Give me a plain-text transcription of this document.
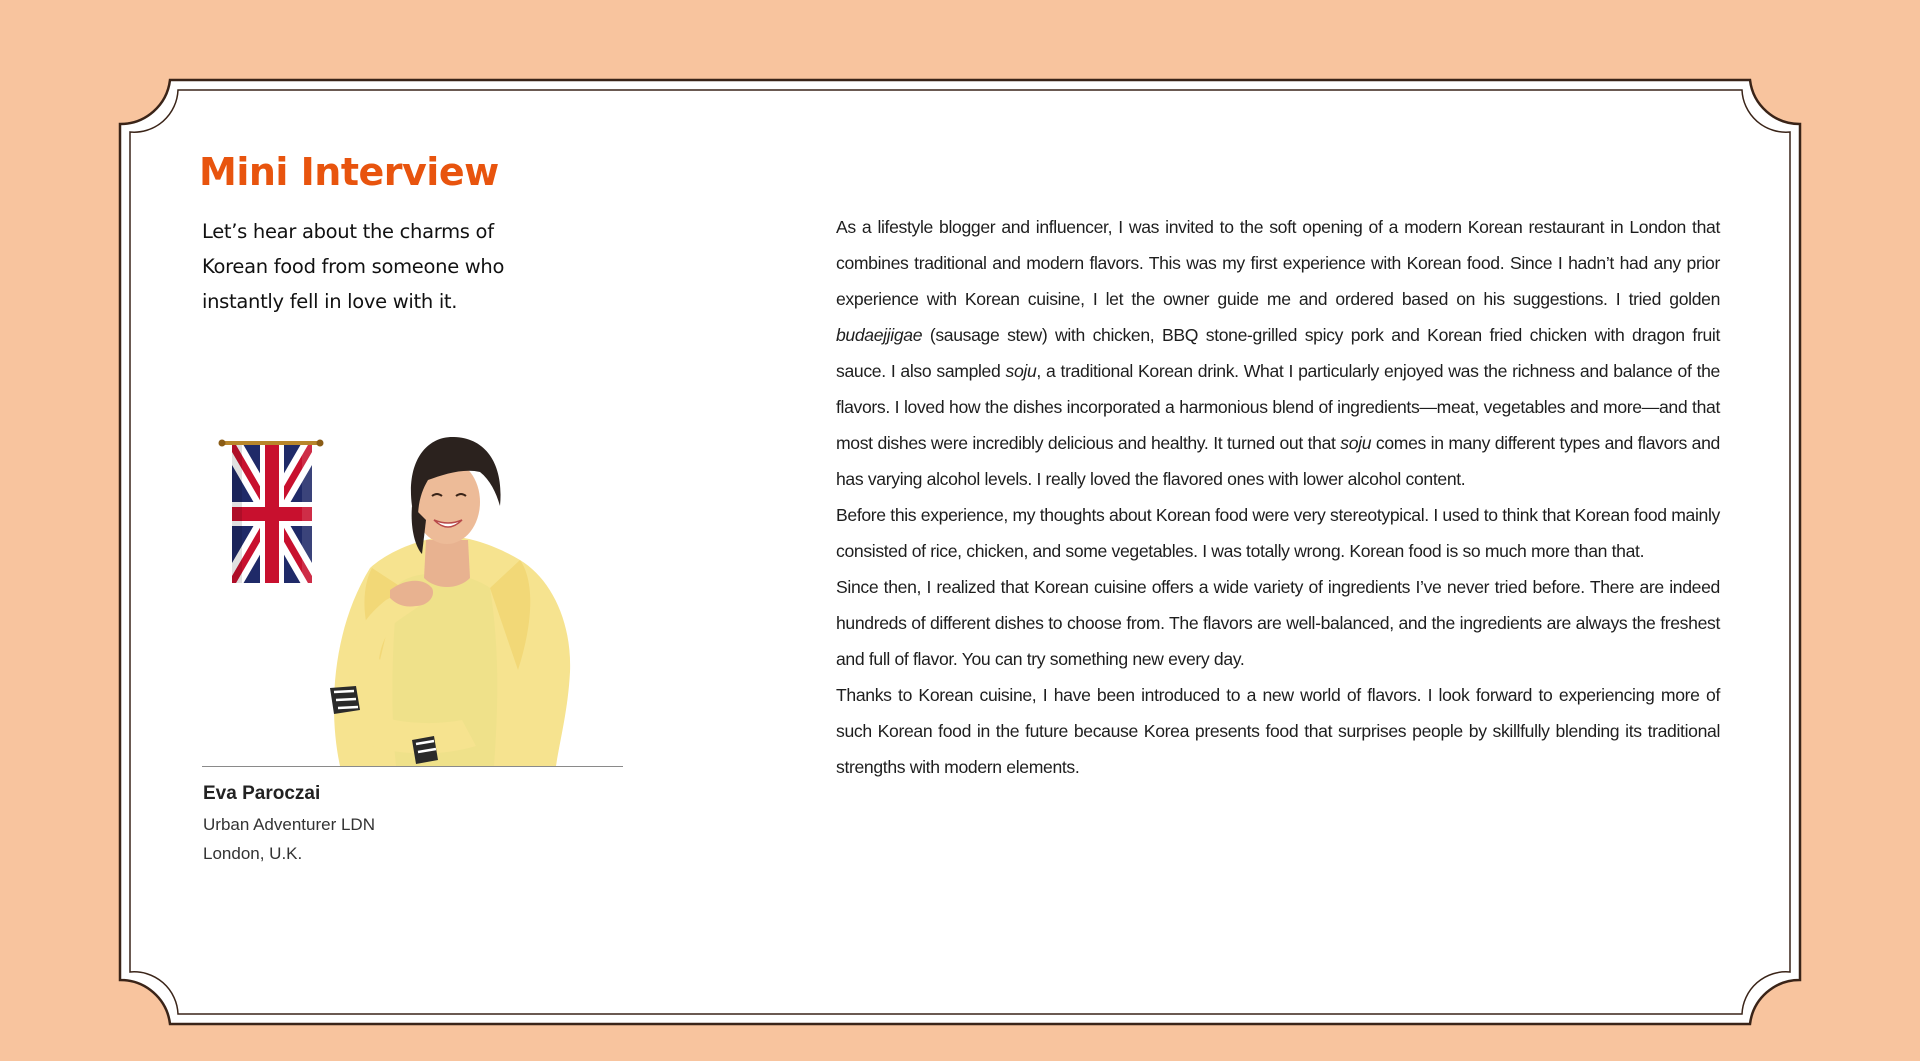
Mini Interview

Let’s hear about the charms of Korean food from someone who instantly fell in love with it.

Eva Paroczai
Urban Adventurer LDN
London, U.K.

As a lifestyle blogger and influencer, I was invited to the soft opening of a modern Korean restaurant in London that combines traditional and modern flavors. This was my first experience with Korean food. Since I hadn’t had any prior experience with Korean cuisine, I let the owner guide me and ordered based on his suggestions. I tried golden budaejjigae (sausage stew) with chicken, BBQ stone-grilled spicy pork and Korean fried chicken with dragon fruit sauce. I also sampled soju, a traditional Korean drink. What I particularly enjoyed was the richness and balance of the flavors. I loved how the dishes incorporated a harmonious blend of ingredients—meat, vegetables and more—and that most dishes were incredibly delicious and healthy. It turned out that soju comes in many different types and flavors and has varying alcohol levels. I really loved the flavored ones with lower alcohol content.

Before this experience, my thoughts about Korean food were very stereotypical. I used to think that Korean food mainly consisted of rice, chicken, and some vegetables. I was totally wrong. Korean food is so much more than that.

Since then, I realized that Korean cuisine offers a wide variety of ingredients I’ve never tried before. There are indeed hundreds of different dishes to choose from. The flavors are well-balanced, and the ingredients are always the freshest and full of flavor. You can try something new every day.

Thanks to Korean cuisine, I have been introduced to a new world of flavors. I look forward to experiencing more of such Korean food in the future because Korea presents food that surprises people by skillfully blending its traditional strengths with modern elements.
